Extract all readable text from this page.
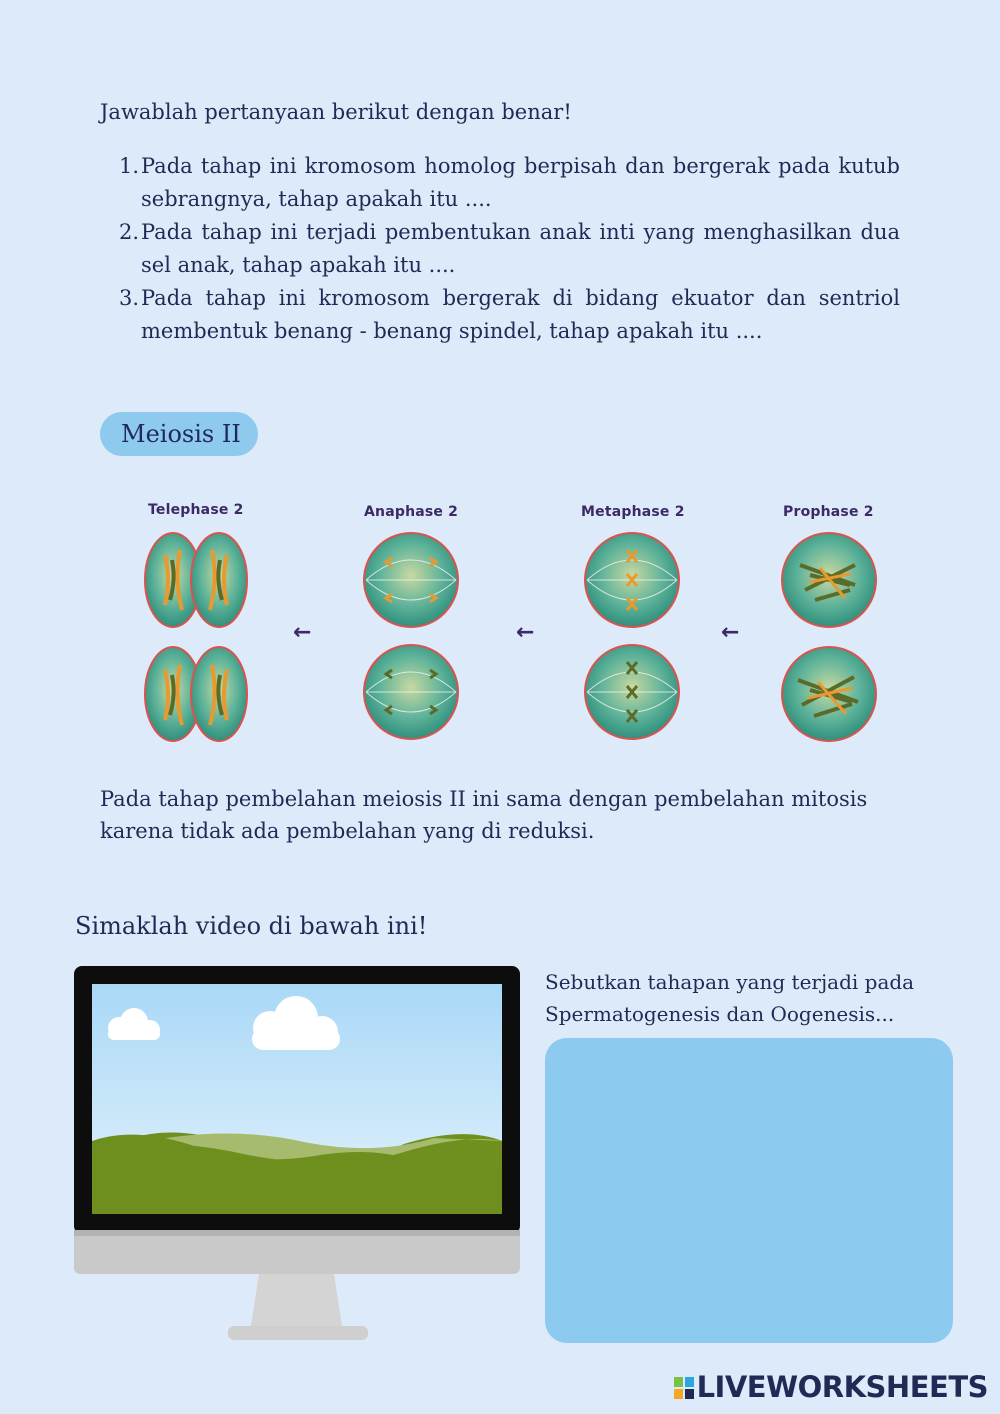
Jawablah pertanyaan berikut dengan benar!
1. Pada tahap ini kromosom homolog berpisah dan bergerak pada kutub sebrangnya, tahap apakah itu ....
2. Pada tahap ini terjadi pembentukan anak inti yang menghasilkan dua sel anak, tahap apakah itu ....
3. Pada tahap ini kromosom bergerak di bidang ekuator dan sentriol membentuk benang - benang spindel, tahap apakah itu ....
Meiosis II
Telephase 2	Anaphase 2	Metaphase 2	Prophase 2
←	←	←
Pada tahap pembelahan meiosis II ini sama dengan pembelahan mitosis karena tidak ada pembelahan yang di reduksi.
Simaklah video di bawah ini!
Sebutkan tahapan yang terjadi pada Spermatogenesis dan Oogenesis...
LIVEWORKSHEETS
